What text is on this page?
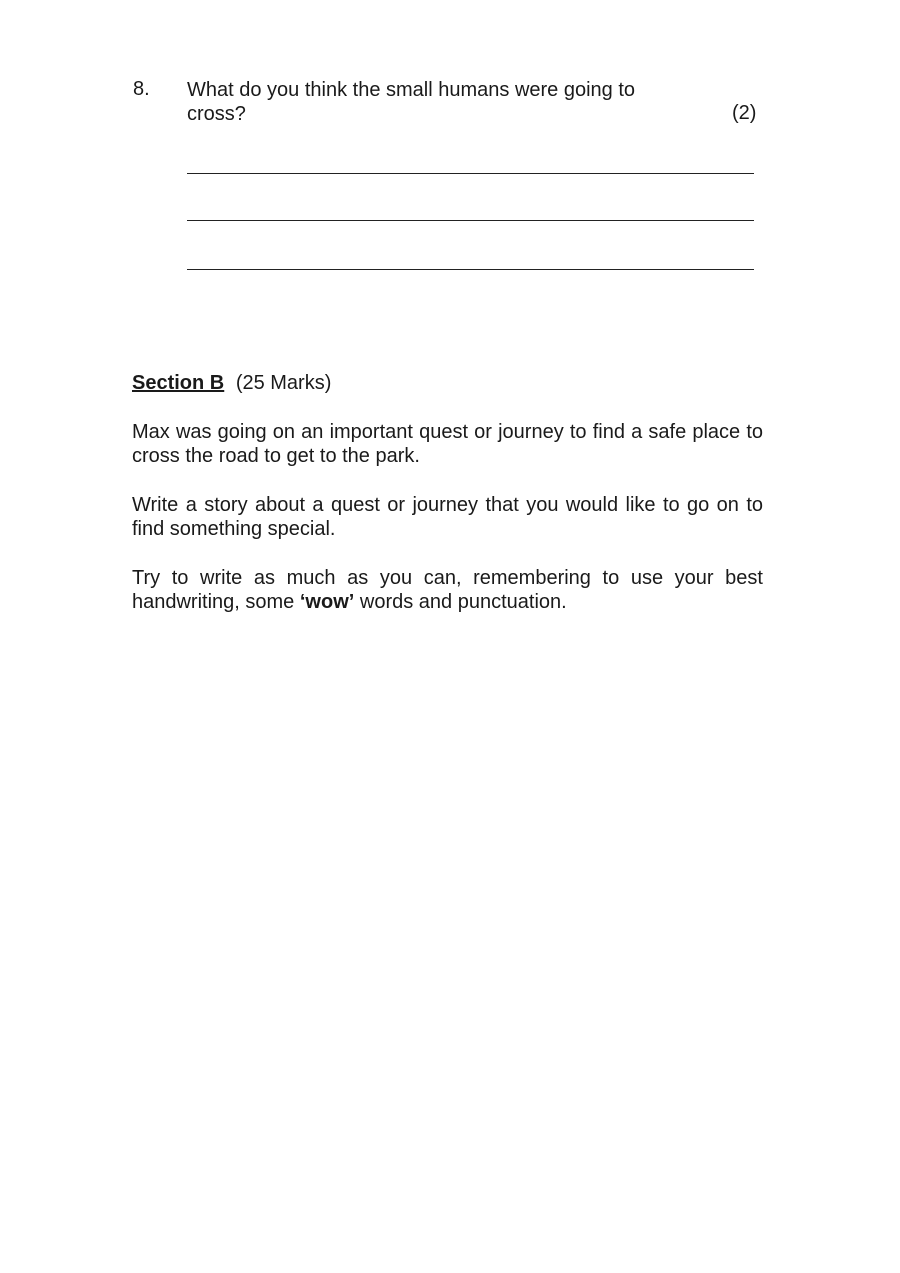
8. What do you think the small humans were going to cross?	(2)
Section B (25 Marks)
Max was going on an important quest or journey to find a safe place to cross the road to get to the park.
Write a story about a quest or journey that you would like to go on to find something special.
Try to write as much as you can, remembering to use your best handwriting, some ‘wow’ words and punctuation.
